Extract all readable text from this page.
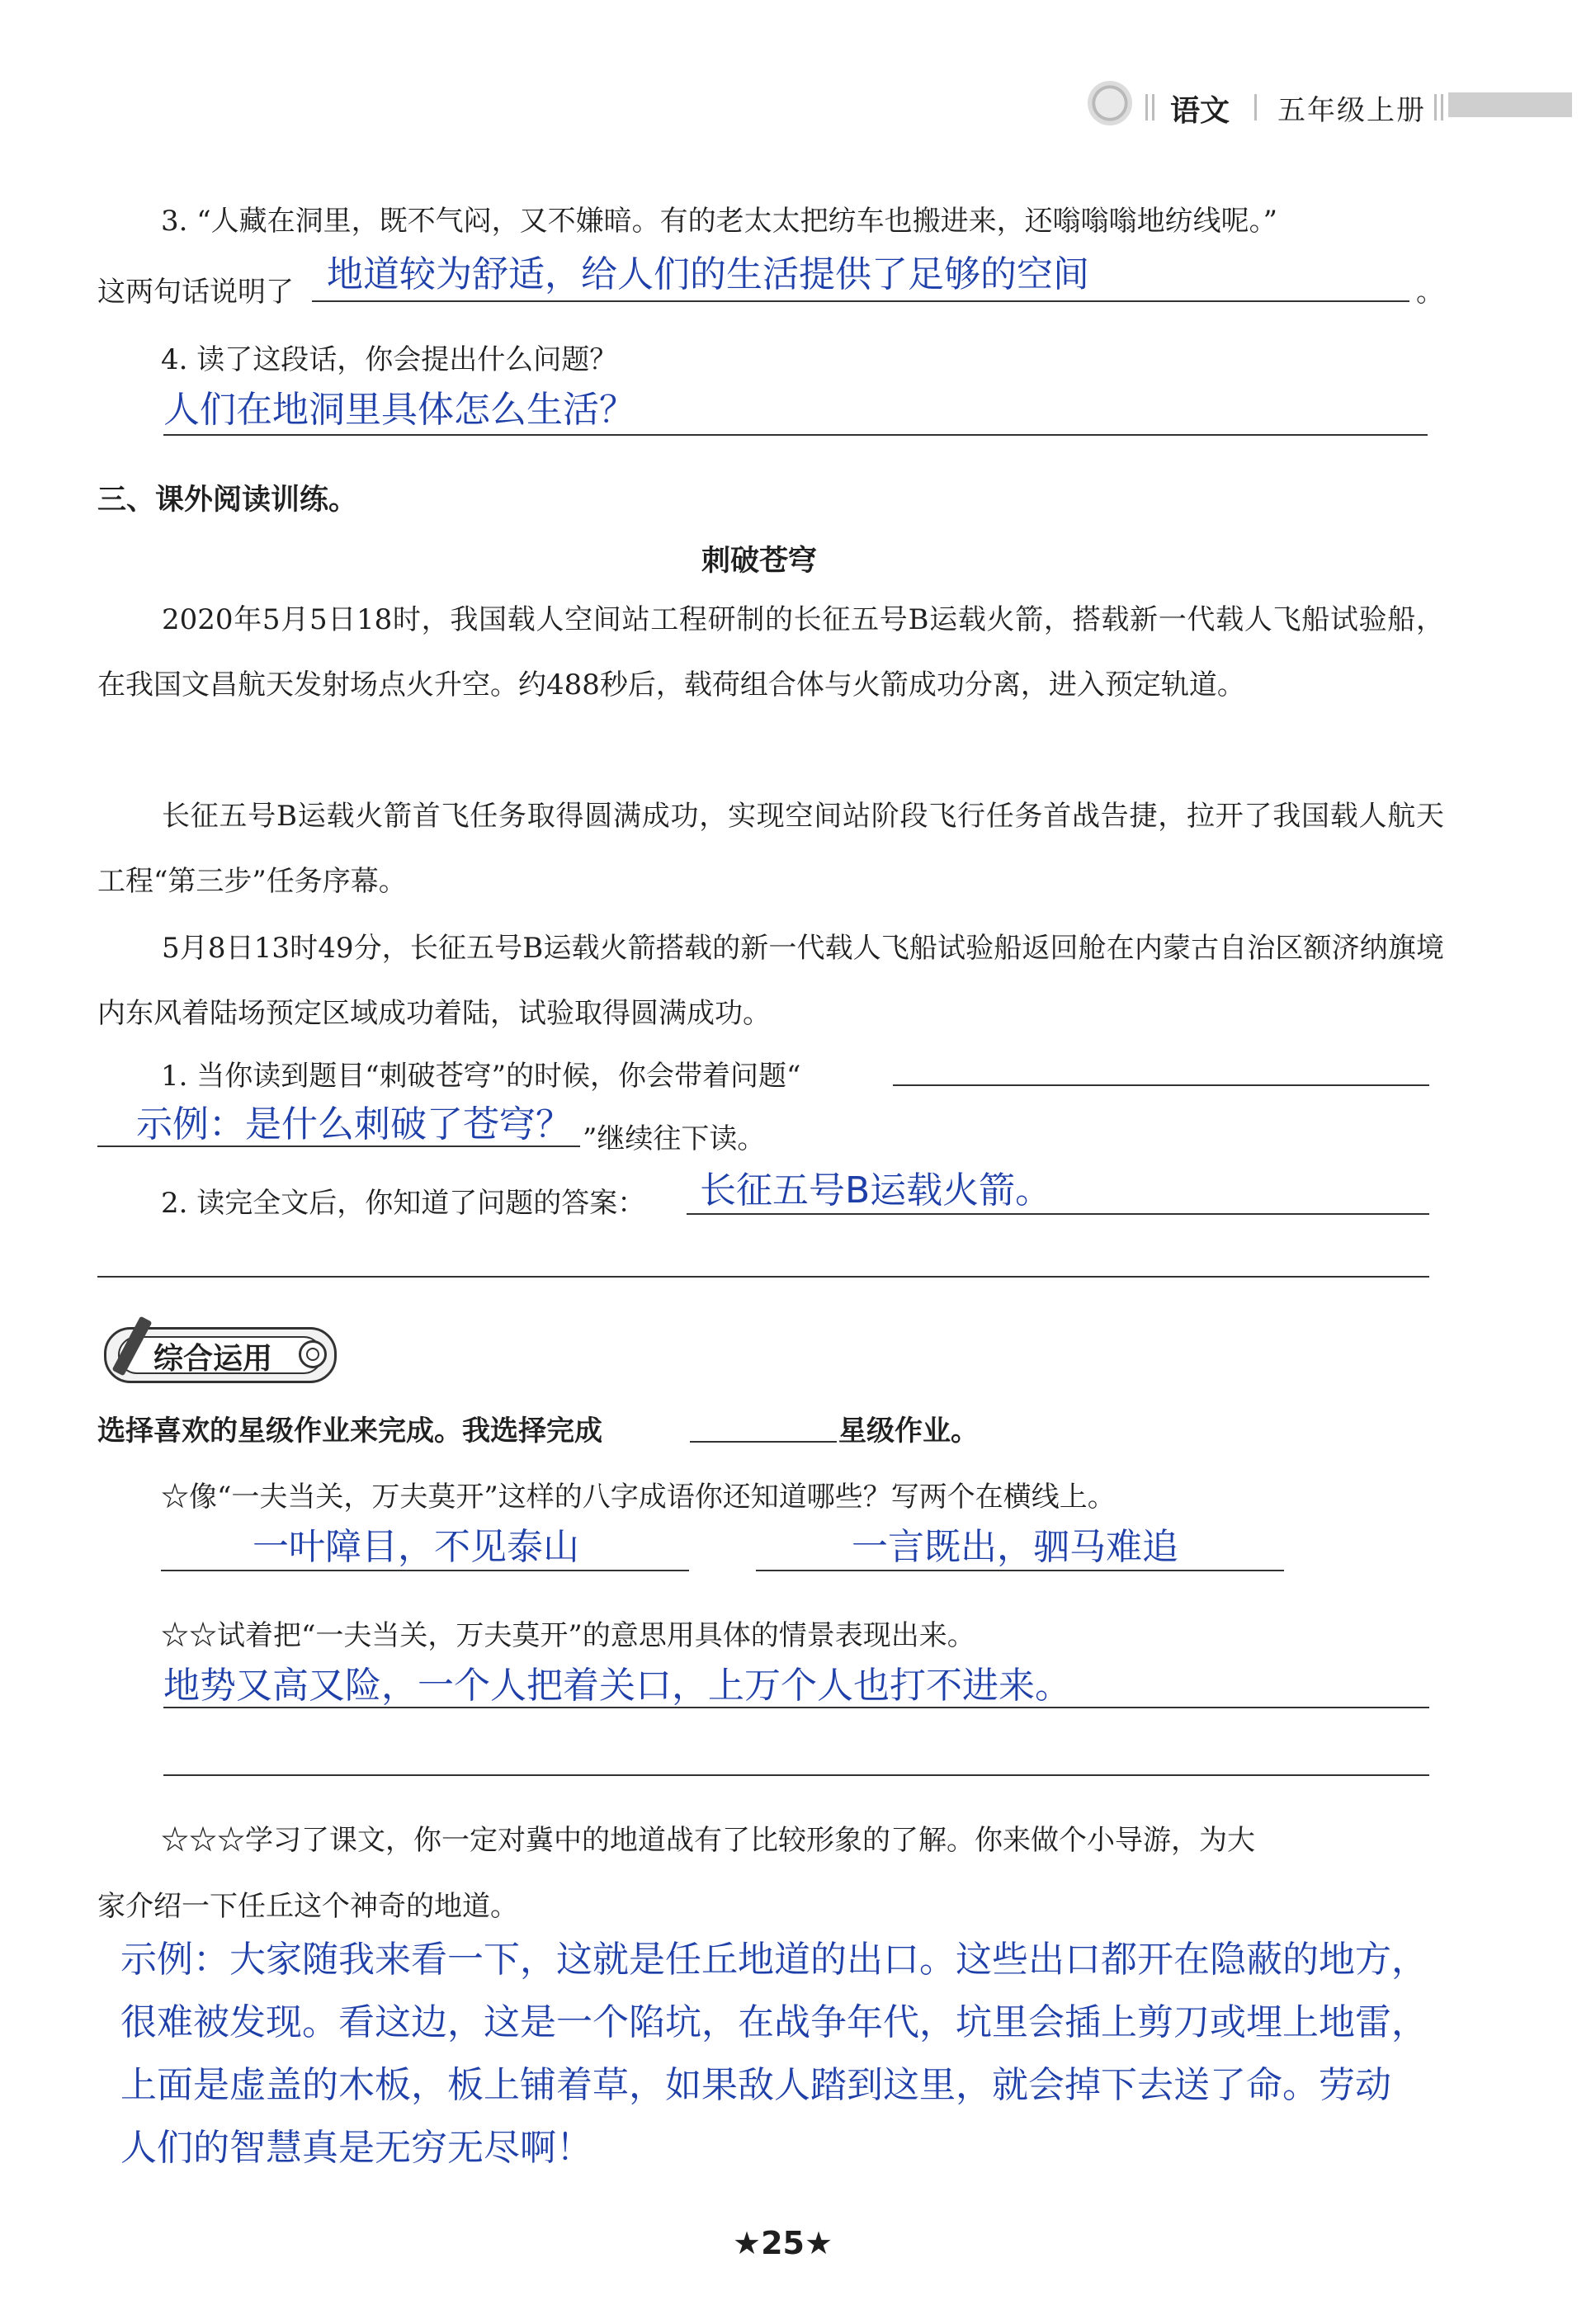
语文 五年级上册
3. “人藏在洞里，既不气闷，又不嫌暗。有的老太太把纺车也搬进来，还嗡嗡嗡地纺线呢。”
这两句话说明了 地道较为舒适，给人们的生活提供了足够的空间	。
4. 读了这段话，你会提出什么问题？
人们在地洞里具体怎么生活？
三、课外阅读训练。
刺破苍穹
2020年5月5日18时，我国载人空间站工程研制的长征五号B运载火箭，搭载新一代载人飞船试验船，在我国文昌航天发射场点火升空。约488秒后，载荷组合体与火箭成功分离，进入预定轨道。
长征五号B运载火箭首飞任务取得圆满成功，实现空间站阶段飞行任务首战告捷，拉开了我国载人航天工程“第三步”任务序幕。
5月8日13时49分，长征五号B运载火箭搭载的新一代载人飞船试验船返回舱在内蒙古自治区额济纳旗境内东风着陆场预定区域成功着陆，试验取得圆满成功。
1. 当你读到题目“刺破苍穹”的时候，你会带着问题“
示例：是什么刺破了苍穹？ ”继续往下读。
2. 读完全文后，你知道了问题的答案： 长征五号B运载火箭。
综合运用
选择喜欢的星级作业来完成。我选择完成	星级作业。
☆像“一夫当关，万夫莫开”这样的八字成语你还知道哪些？写两个在横线上。
一叶障目，不见泰山	一言既出，驷马难追
☆☆试着把“一夫当关，万夫莫开”的意思用具体的情景表现出来。
地势又高又险，一个人把着关口，上万个人也打不进来。
☆☆☆学习了课文，你一定对冀中的地道战有了比较形象的了解。你来做个小导游，为大
家介绍一下任丘这个神奇的地道。
示例：大家随我来看一下，这就是任丘地道的出口。这些出口都开在隐蔽的地方，
很难被发现。看这边，这是一个陷坑，在战争年代，坑里会插上剪刀或埋上地雷，
上面是虚盖的木板，板上铺着草，如果敌人踏到这里，就会掉下去送了命。劳动
人们的智慧真是无穷无尽啊！
★25★
